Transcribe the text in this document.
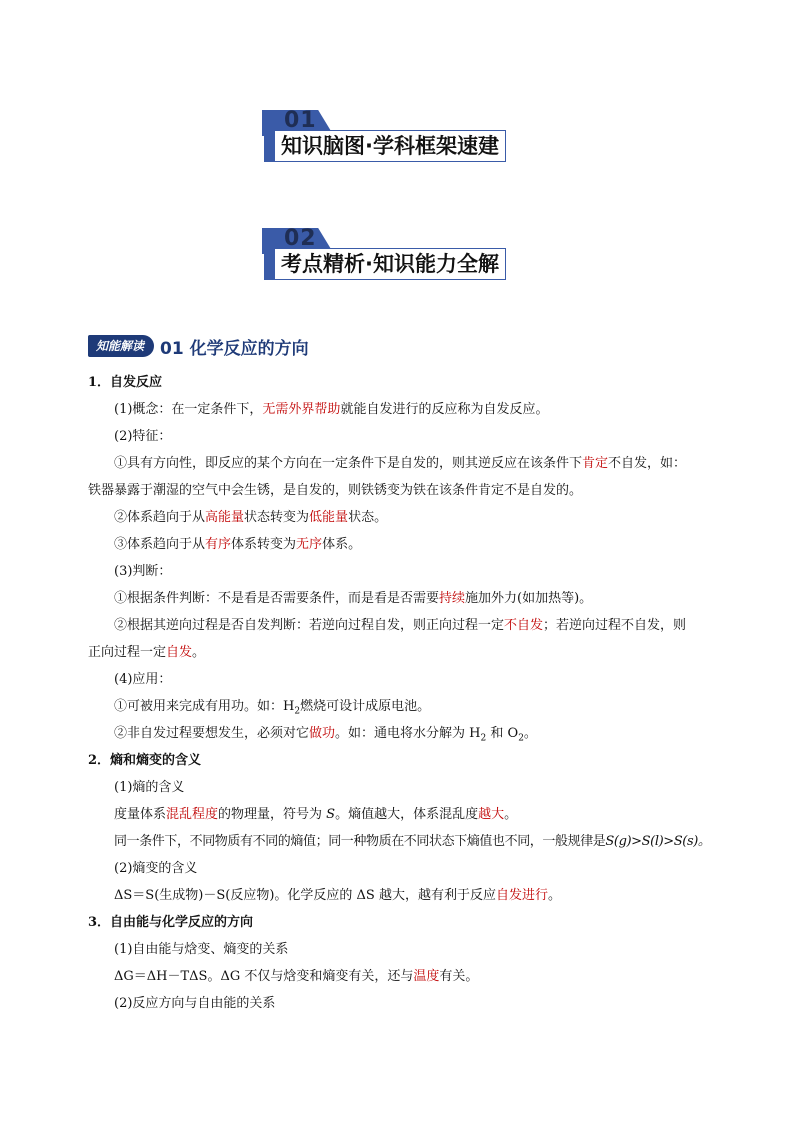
01
知识脑图·学科框架速建
02
考点精析·知识能力全解
知能解读 01 化学反应的方向
1．自发反应
(1)概念：在一定条件下，无需外界帮助就能自发进行的反应称为自发反应。
(2)特征：
①具有方向性，即反应的某个方向在一定条件下是自发的，则其逆反应在该条件下肯定不自发，如：
铁器暴露于潮湿的空气中会生锈，是自发的，则铁锈变为铁在该条件肯定不是自发的。
②体系趋向于从高能量状态转变为低能量状态。
③体系趋向于从有序体系转变为无序体系。
(3)判断：
①根据条件判断：不是看是否需要条件，而是看是否需要持续施加外力(如加热等)。
②根据其逆向过程是否自发判断：若逆向过程自发，则正向过程一定不自发；若逆向过程不自发，则
正向过程一定自发。
(4)应用：
①可被用来完成有用功。如：$H_2$燃烧可设计成原电池。
②非自发过程要想发生，必须对它做功。如：通电将水分解为 $H_2$ 和 $O_2$。
2．熵和熵变的含义
(1)熵的含义
度量体系混乱程度的物理量，符号为 S。熵值越大，体系混乱度越大。
同一条件下，不同物质有不同的熵值；同一种物质在不同状态下熵值也不同，一般规律是S(g)>S(l)>S(s)。
(2)熵变的含义
ΔS＝S(生成物)－S(反应物)。化学反应的 ΔS 越大，越有利于反应自发进行。
3．自由能与化学反应的方向
(1)自由能与焓变、熵变的关系
ΔG＝ΔH－TΔS。ΔG 不仅与焓变和熵变有关，还与温度有关。
(2)反应方向与自由能的关系
